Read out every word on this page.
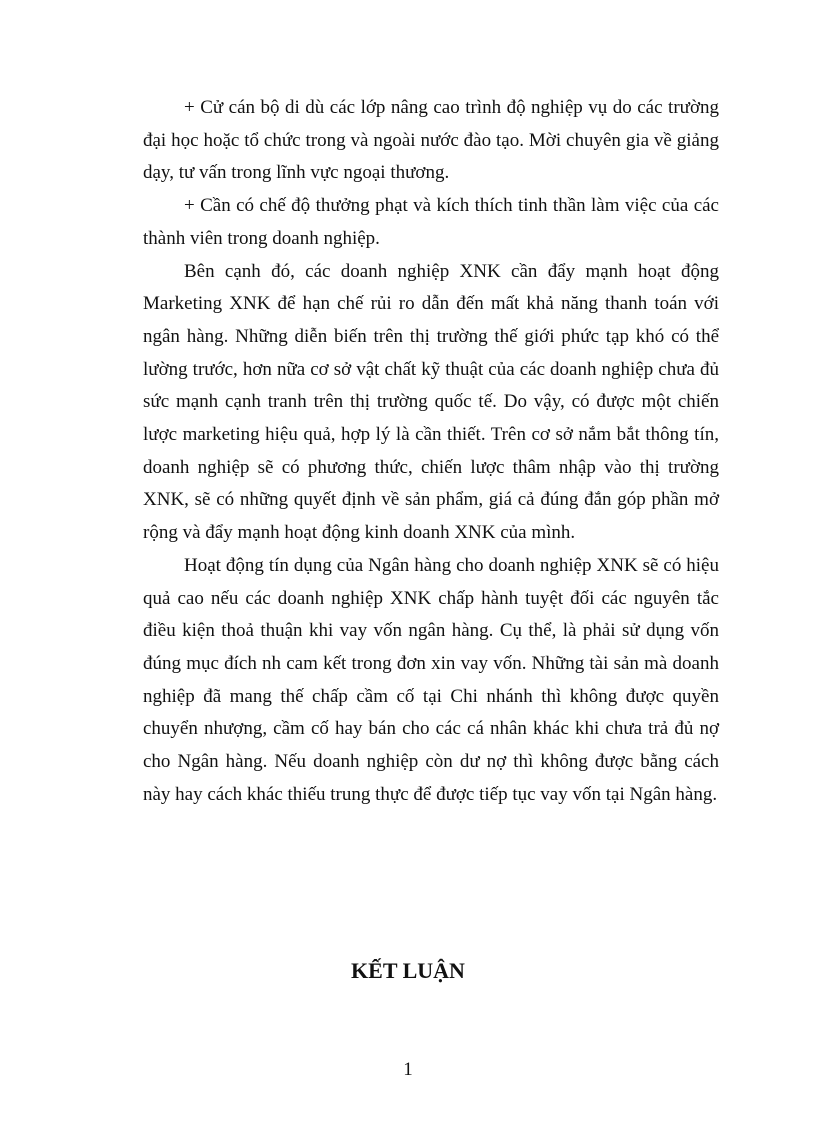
+ Cử cán bộ di dù các lớp nâng cao trình độ nghiệp vụ do các trường đại học hoặc tổ chức trong và ngoài nước đào tạo. Mời chuyên gia về giảng dạy, tư vấn trong lĩnh vực ngoại thương.

+ Cần có chế độ thưởng phạt và kích thích tinh thần làm việc của các thành viên trong doanh nghiệp.

Bên cạnh đó, các doanh nghiệp XNK cần đẩy mạnh hoạt động Marketing XNK để hạn chế rủi ro dẫn đến mất khả năng thanh toán với ngân hàng. Những diễn biến trên thị trường thế giới phức tạp khó có thể lường trước, hơn nữa cơ sở vật chất kỹ thuật của các doanh nghiệp chưa đủ sức mạnh cạnh tranh trên thị trường quốc tế. Do vậy, có được một chiến lược marketing hiệu quả, hợp lý là cần thiết. Trên cơ sở nắm bắt thông tín, doanh nghiệp sẽ có phương thức, chiến lược thâm nhập vào thị trường XNK, sẽ có những quyết định về sản phẩm, giá cả đúng đắn góp phần mở rộng và đẩy mạnh hoạt động kinh doanh XNK của mình.

Hoạt động tín dụng của Ngân hàng cho doanh nghiệp XNK sẽ có hiệu quả cao nếu các doanh nghiệp XNK chấp hành tuyệt đối các nguyên tắc điều kiện thoả thuận khi vay vốn ngân hàng. Cụ thể, là phải sử dụng vốn đúng mục đích nh cam kết trong đơn xin vay vốn. Những tài sản mà doanh nghiệp đã mang thế chấp cầm cố tại Chi nhánh thì không được quyền chuyển nhượng, cầm cố hay bán cho các cá nhân khác khi chưa trả đủ nợ cho Ngân hàng. Nếu doanh nghiệp còn dư nợ thì không được bằng cách này hay cách khác thiếu trung thực để được tiếp tục vay vốn tại Ngân hàng.

KẾT LUẬN
1
